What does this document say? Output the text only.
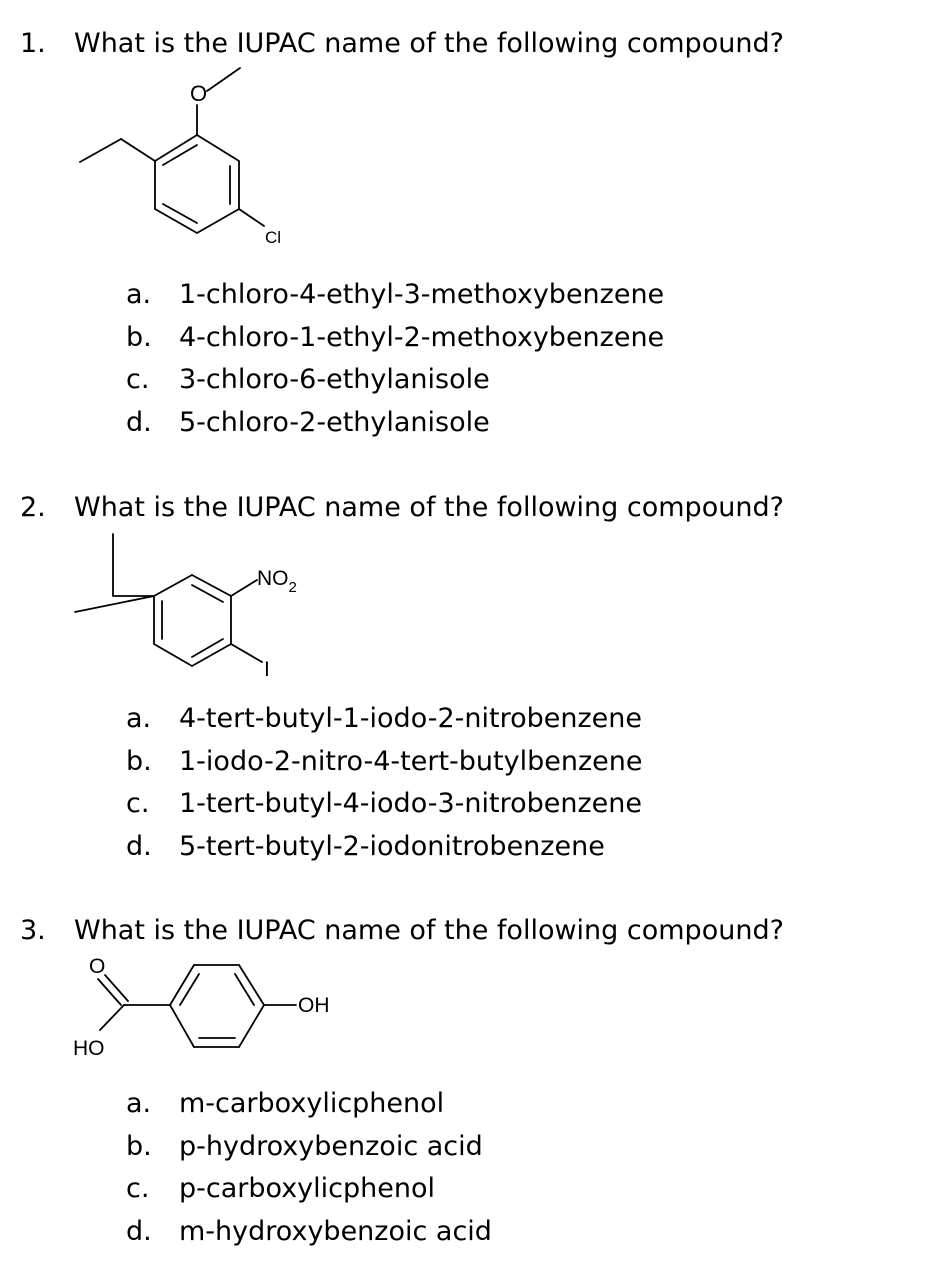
1. What is the IUPAC name of the following compound?
O
Cl
a. 1-chloro-4-ethyl-3-methoxybenzene
b. 4-chloro-1-ethyl-2-methoxybenzene
c. 3-chloro-6-ethylanisole
d. 5-chloro-2-ethylanisole
2. What is the IUPAC name of the following compound?
$NO_2$
I
a. 4-tert-butyl-1-iodo-2-nitrobenzene
b. 1-iodo-2-nitro-4-tert-butylbenzene
c. 1-tert-butyl-4-iodo-3-nitrobenzene
d. 5-tert-butyl-2-iodonitrobenzene
3. What is the IUPAC name of the following compound?
O
HO
OH
a. m-carboxylicphenol
b. p-hydroxybenzoic acid
c. p-carboxylicphenol
d. m-hydroxybenzoic acid
